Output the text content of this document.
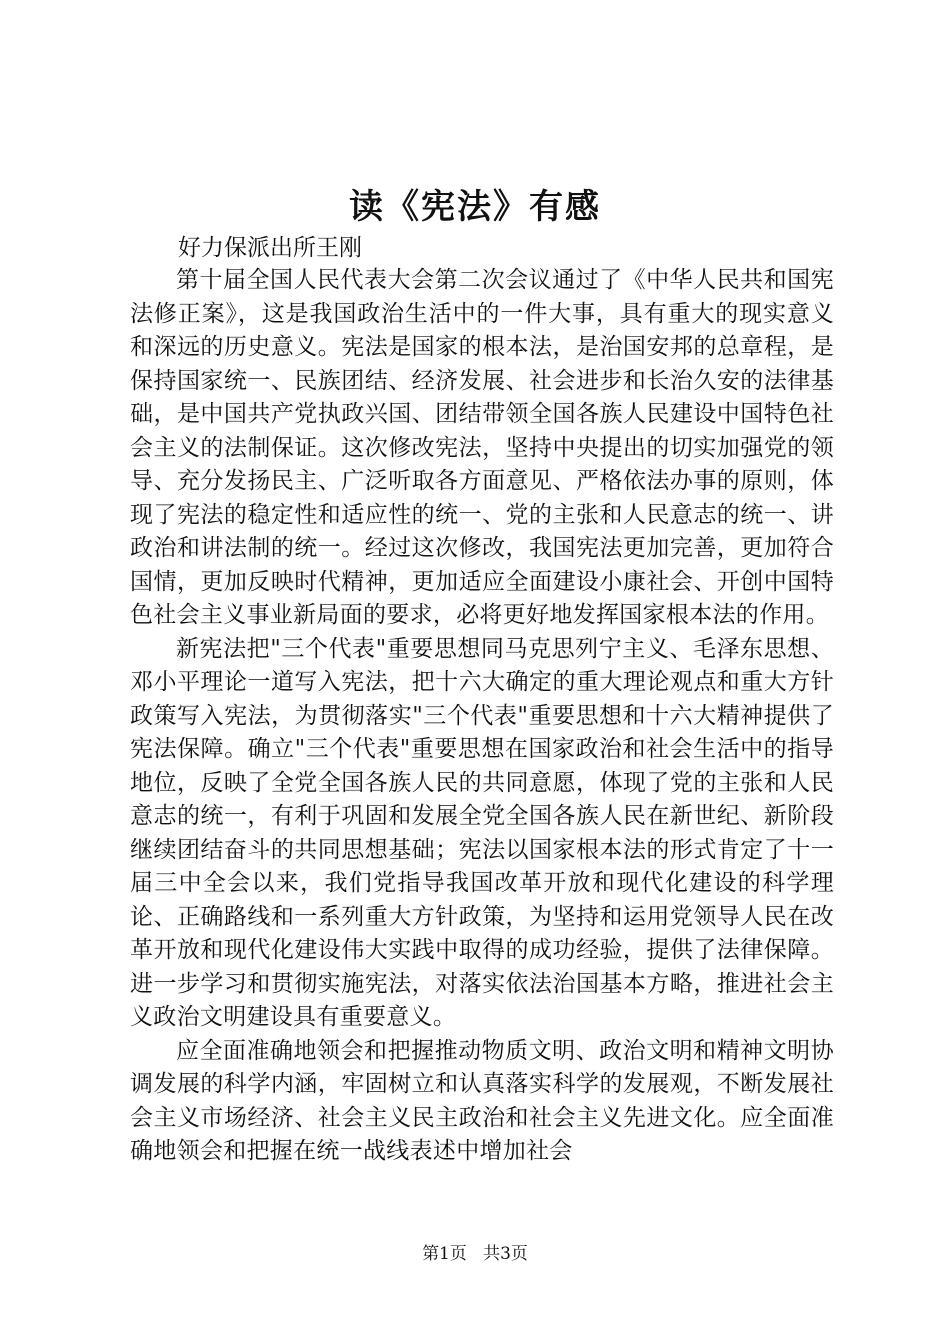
读《宪法》有感
好力保派出所王刚

第十届全国人民代表大会第二次会议通过了《中华人民共和国宪法修正案》，这是我国政治生活中的一件大事，具有重大的现实意义和深远的历史意义。宪法是国家的根本法，是治国安邦的总章程，是保持国家统一、民族团结、经济发展、社会进步和长治久安的法律基础，是中国共产党执政兴国、团结带领全国各族人民建设中国特色社会主义的法制保证。这次修改宪法，坚持中央提出的切实加强党的领导、充分发扬民主、广泛听取各方面意见、严格依法办事的原则，体现了宪法的稳定性和适应性的统一、党的主张和人民意志的统一、讲政治和讲法制的统一。经过这次修改，我国宪法更加完善，更加符合国情，更加反映时代精神，更加适应全面建设小康社会、开创中国特色社会主义事业新局面的要求，必将更好地发挥国家根本法的作用。

新宪法把"三个代表"重要思想同马克思列宁主义、毛泽东思想、邓小平理论一道写入宪法，把十六大确定的重大理论观点和重大方针政策写入宪法，为贯彻落实"三个代表"重要思想和十六大精神提供了宪法保障。确立"三个代表"重要思想在国家政治和社会生活中的指导地位，反映了全党全国各族人民的共同意愿，体现了党的主张和人民意志的统一，有利于巩固和发展全党全国各族人民在新世纪、新阶段继续团结奋斗的共同思想基础；宪法以国家根本法的形式肯定了十一届三中全会以来，我们党指导我国改革开放和现代化建设的科学理论、正确路线和一系列重大方针政策，为坚持和运用党领导人民在改革开放和现代化建设伟大实践中取得的成功经验，提供了法律保障。进一步学习和贯彻实施宪法，对落实依法治国基本方略，推进社会主义政治文明建设具有重要意义。

应全面准确地领会和把握推动物质文明、政治文明和精神文明协调发展的科学内涵，牢固树立和认真落实科学的发展观，不断发展社会主义市场经济、社会主义民主政治和社会主义先进文化。应全面准确地领会和把握在统一战线表述中增加社会

第1页 共3页
